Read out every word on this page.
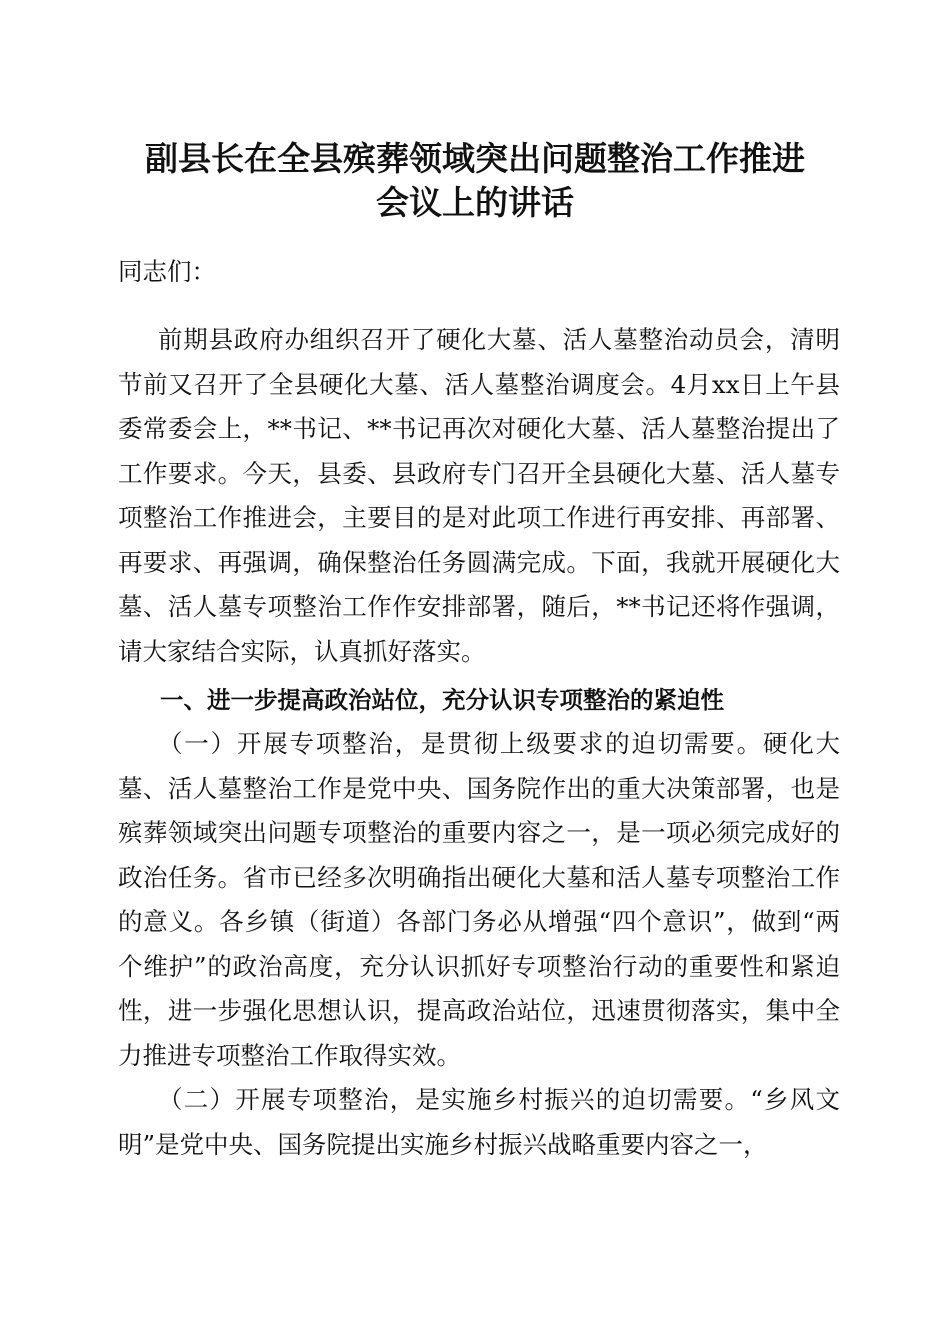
副县长在全县殡葬领域突出问题整治工作推进
会议上的讲话

同志们：

前期县政府办组织召开了硬化大墓、活人墓整治动员会，清明节前又召开了全县硬化大墓、活人墓整治调度会。4月xx日上午县委常委会上，**书记、**书记再次对硬化大墓、活人墓整治提出了工作要求。今天，县委、县政府专门召开全县硬化大墓、活人墓专项整治工作推进会，主要目的是对此项工作进行再安排、再部署、再要求、再强调，确保整治任务圆满完成。下面，我就开展硬化大墓、活人墓专项整治工作作安排部署，随后，**书记还将作强调，请大家结合实际，认真抓好落实。

一、进一步提高政治站位，充分认识专项整治的紧迫性

（一）开展专项整治，是贯彻上级要求的迫切需要。硬化大墓、活人墓整治工作是党中央、国务院作出的重大决策部署，也是殡葬领域突出问题专项整治的重要内容之一，是一项必须完成好的政治任务。省市已经多次明确指出硬化大墓和活人墓专项整治工作的意义。各乡镇（街道）各部门务必从增强“四个意识”，做到“两个维护”的政治高度，充分认识抓好专项整治行动的重要性和紧迫性，进一步强化思想认识，提高政治站位，迅速贯彻落实，集中全力推进专项整治工作取得实效。

（二）开展专项整治，是实施乡村振兴的迫切需要。“乡风文明”是党中央、国务院提出实施乡村振兴战略重要内容之一，
